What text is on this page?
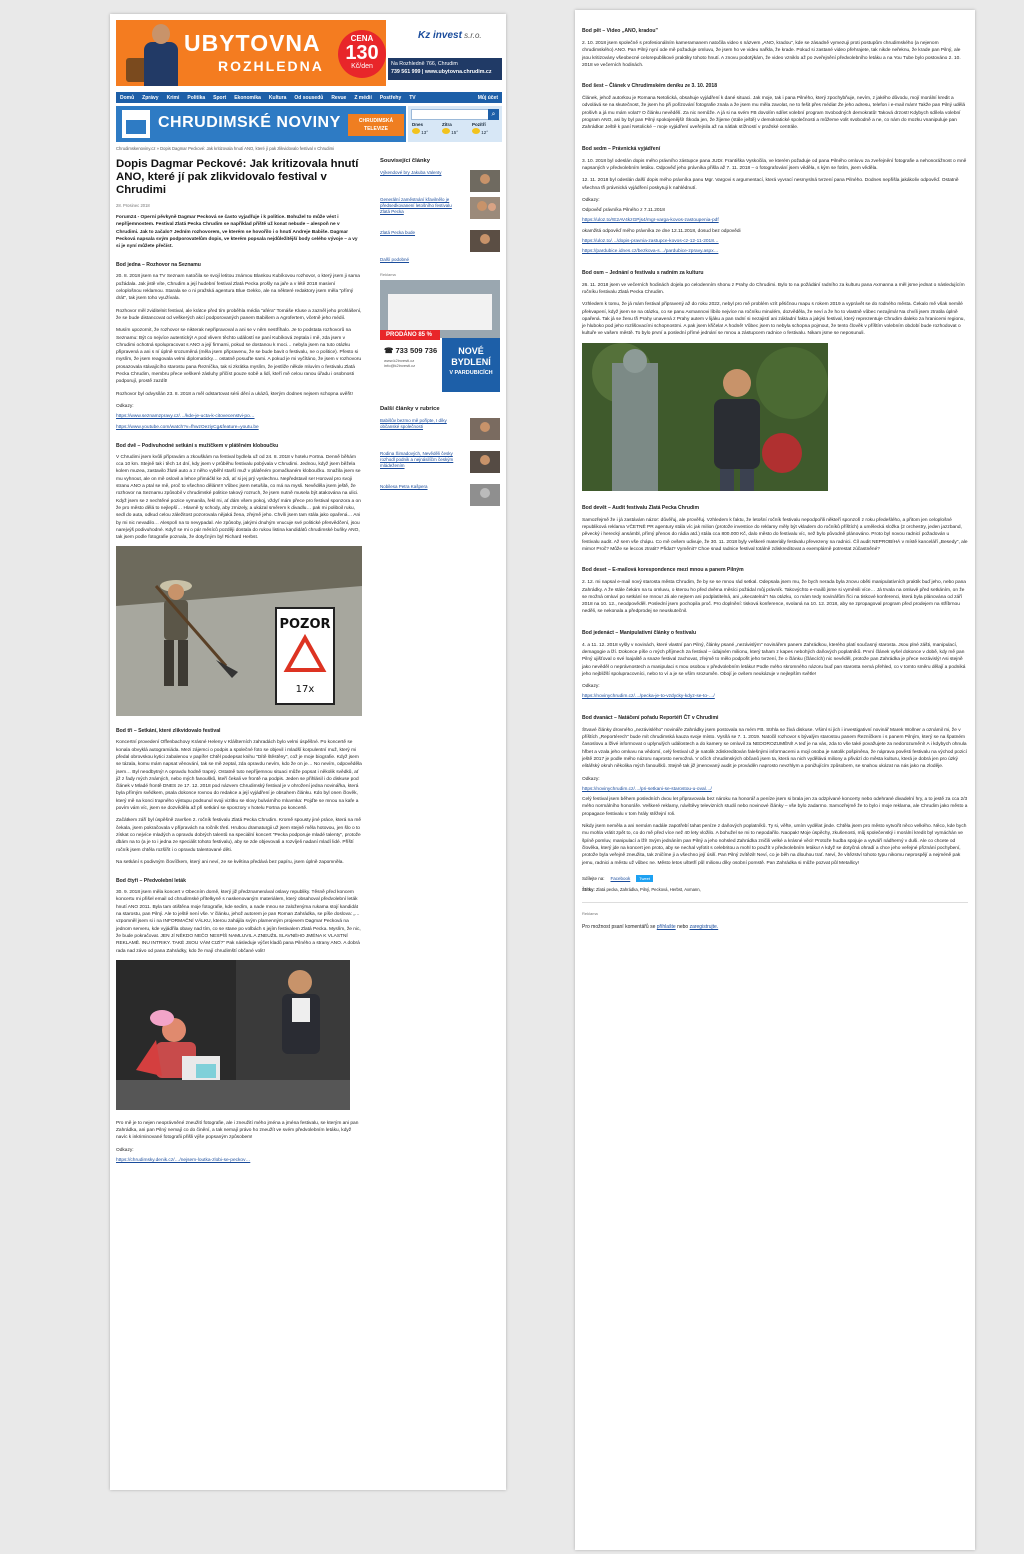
UBYTOVNA
ROZHLEDNA
CENA
130
Kč/den
Kz invest s.r.o.
Na Rozhledně 766, Chrudim
739 561 999 | www.ubytovna.chrudim.cz
Domů	Zprávy	Krimi	Politika	Sport	Ekonomika	Kultura	Od sousedů	Revue	Z médií	Postřehy	TV	Můj účet
CHRUDIMSKÉ NOVINY	CHRUDIMSKÁ TELEVIZE
⌕
Dnes
13°
Zítra
15°
Pozítří
12°
Chrudimskenoviny.cz » Dopis Dagmar Peckové: Jak kritizovala hnutí ANO, které jí pak zlikvidovalo festival v Chrudimi
Dopis Dagmar Peckové: Jak kritizovala hnutí ANO, které jí pak zlikvidovalo festival v Chrudimi
28. Prosinec 2018

Forum24 - Operní pěvkyně Dagmar Pecková se často vyjadřuje i k politice. Bohužel to může vést i nepříjemnostem. Festival Zlatá Pecka Chrudim se například příště už konat nebude – alespoň ne v Chrudimi. Jak to začalo? Jedním rozhovorem, ve kterém se hovořilo i o hnutí Andreje Babiše. Dagmar Pecková napsala svým podporovatelům dopis, ve kterém popsala nejdůležitější body celého vývoje – a vy si je nyní můžete přečíst.

Bod jedna – Rozhovor na Seznamu

20. 8. 2018 jsem na TV Seznam natočila se svojí letitou známou Blankou Kubíkovou rozhovor, o který jsem ji sama požádala. Jak jistě víte, Chrudim a její hudební festival Zlatá Pecka prošly na jaře a v létě 2018 masivní celoplošnou reklamou. Starala se o ni pražská agentura Blue Gekko, ale na některé redaktory jsem měla "přímý drát", tak jsem toho využívala.

Rozhovor měl zviditelnit festival, ale krátce před tím proběhla média "aféra" Tomáše Kluse a zazněl jeho prohlášení, že se bude distancovat od veškerých akcí podporovaných panem Babišem a Agrofertem, včetně jeho médií.

Musím upozornit, že rozhovor se nikterak nepřipravoval a ani se v něm nestříhalo. Je to podstata rozhovorů na Seznamu: Být co nejvíce autentický! A pod vlivem těchto událostí se paní Kubíková zeptala i mě, zda jsem v Chrudimi ochotná spolupracovat s ANO a její firmami, pokud se dostanou k moci… nebyla jsem na tuto otázku připravená a ani s ní úplně srozuměná (měla jsem připravenu, že se bude bavit o festivalu, ne o politice). Přesto si myslím, že jsem reagovala velmi diplomaticky… ostatně posuďte sami. A pokud je mi vyčítáno, že jsem v rozhovoru prosazovala stávajícího starostu pana Řezníčka, tak si zkrátka myslím, že jestliže někde mluvím o festivalu Zlatá Pecka Chrudim, membru přece veškeré zásluhy přičíst pouze sobě a lidí, kteří mě celou ranou úřadu i osobnosti podporují, prostě zazdít!

Rozhovor byl odvysílán 23. 8. 2018 a měl odstartovat sérii dění a ukázů, kterým dodnes nejsem schopna uvěřit!

Odkazy:

https://www.seznamzpravy.cz/…/kde-je-ucta-k-citovecenstvi-po…

https://www.youtube.com/watch?v=fhwzOeziyCg&feature=youtu.be

Bod dvě – Podivuhodné setkání s mužíčkem v plátěném kloboučku

V Chrudimi jsem kvůli přípravám a zkouškám na festival bydlela už od 24. 8. 2018 v hotelu Fortna. Denně běhám cca 10 km. Stejně tak i těch 14 dní, kdy jsem v průběhu festivalu pobývala v Chrudimi. Jednou, když jsem běžela kolem muzea, zastavilo žluté auto a z něho vyběhl starší muž v plátěném pomačkaném kloboučku. Snažila jsem se mu vyhnout, ale on mě oslovil a lehce přimáčkl ke zdi, ať si jej prý vyslechnu. Nepředstavil se! Horoval pro svoji stranu ANO a ptal se mě, proč to všechno dělám!!! Vůbec jsem netušila, co má na mysli. Nevěděla jsem ještě, že rozhovor na Seznamu způsobil v chrudimské politice takový rozruch, že jsem nutně musela být atakována na ulici. Když jsem se z nechtěné pozice vymanila, řekl mi, ať dám všem pokoj, vždyť mám přece pro festival sponzora a on že pro město dělá to nejlepší… Hlavně ty schody, aby zmizely, a ukázal směrem k divadlu… pak mi poliboil ruku, sedl do auta, odkud celou záležitost pozorovala nějaká žena, zřejmě jeho. Chvíli jsem tam stála jako opařená… Ani by mi nic nevadilo… Alespoň na to nevypadal. Ale způsoby, jakými dnuhým vnucuje své politické přesvědčení, jsou narejvýš podivuhodné. Když se mi o pár měsíců později dostala do rukou listina kandidátů chrudimské buňky ANO, tak jsem podle fotografie poznala, že dotyčným byl Richard Herbst.

POZOR
17x
Bod tři – Setkání, které zlikvidovalo festival

Koncertní provedení Offenbachovy Krásné Heleny v Klášterních zahradách bylo velmi úspěšné. Po koncertě se konala obvyklá autogramiáda. Mezi zájemci o podpis a společné foto se objevil i mladší korpulentní muž, který mi předal obrovskou kytici zabalenou v papíře! Chtěl podepsat knihu "Dítě štěstěny", což je moje biografie. Když jsem se tázala, komu mám napsat věnování, tak se mě zeptal, zda opravdu nevím, kdo že on je… No nevím, odpověděla jsem… Byl neodbytný! A opravdu hodně trapný. Ostatně tuto nepříjemnou situaci může popsat i několik svědků, ať již z řady mých známých, nebo mých fanoušků, kteří čekali ve frontě na podpis. Jeden se přihlásil i do diskuse pod článek v Mladé frontě DNES ze 17. 12. 2018 pod názvem Chrudimský festival je v ohrožení jedna novinářka, která byla přímým svědkem, psala dokonce rovnou do redakce a její vyjádření je obsahem článku. Kdo byl onen člověk, který mě na konci trapného výstupu podsunul svoji vizitku se slovy bulvárního mluvmka: Pojďte se mnou na kafe a povím vám víc, jsem se dozvěděla až při setkání se sponzory v hotelu Fortna po koncertě.

Začátkem září byl úspěšně završen 2. ročník festivalu Zlatá Pecka Chrudim. Kromě spousty jiné práce, která na mě čekala, jsem pokračovala v přípravách na ročník třetí. Hrubou dramaturgii už jsem stejně měla hotovou, jen šlo o to získat co nejvíce mladých a opravdu dobrých talentů na speciální koncert "Pecka podporuje mladé talenty", protože dbám na to (a je to i jedna ze speciálit tohoto festivalu), aby se zde objevovali a rozvíjeli nadaní mladí lidé. Příští ročník jsem chtěla rozšířit i o opravdu talentované děti.

Na setkání s podivným človíčkem, který ani neví, ze se květina předává bez papíru, jsem úplně zapomněla.

Bod čtyři – Předvolební leták

30. 9. 2018 jsem měla koncert v Obecním domě, který již předznamenával oslavy republiky. Těsně před koncem koncertu mi přišel email od chrudimské přítelkyně s naskenovaným materiálem, který obsahoval předvolební leták hnutí ANO 2011. Byla tam otištěna moje fotografie, kde sedím, a nade mnou se založenýma rukama stojí kandidát na starostu, pan Pilný. Ale to ještě není vše. V článku, jehož autorem je pan Roman Zahrádka, se píše doslova: „…vzpomněl jsem si i na INFORMAČNÍ VÁLKU, kterou zahájila svým plamenným projevem Dagmar Pecková na jednom serveru, kde vyjádřila obavy nad tím, co se stane po volbách s jejím festivalem Zlatá Pecka. Myslím, že nic, že bude pokračovat. JEN JÍ NĚKDO NEČO NESPÍŠ NAMLUVIL A ZNEUŽIL SLAVNÉHO JMÉNA K VLASTNÍ REKLAMĚ. INU INTRIKY. TAKÉ JSOU VÁM CIZÍ?" Pak následuje výčet kladů pana Pilného a strany ANO. A dobrá rada nad závo od pana Zahrádky, kdo že mají chrudimští občané volit!

Pro mě je to nejen neoprávněné zneužití fotografie, ale i zneužití mého jména a jména festivalu, se kterým ani pan Zahrádka, ani pan Pilný nemají co do činění, a tak nemají právo ho zneužít ve svém předvolebním letáku, když navíc k inkriminované fotografii přišli výše popsaným způsobem!

Odkazy:

https://chrudimsky.denik.cz/…/nejsem-loutka-zlobi-se-peckov…

Související články
Výkendové bry Jakuba Valenty
Generální zaměstnání křavilnělo je předsedkovanení letošního festivalu Zlatá Pecka
Zlatá Pecka bude
Další podobné
Reklama
PRODÁNO 85 %
☎ 733 509 736
www.k2investi.cz
info@k2investi.cz
NOVÉ BYDLENÍ
V PARDUBICÍCH
Další články v rubrice
Babišův bezmo mě pořípte, I díky občanské společnosti
Rodina Šimadových, Nevěděli česky rozhodl podnik a nejnásilíčm českým mládežením
Nobilesa Petra Kašpera
Bod pět – Video „ANO, kradou"

2. 10. 2018 jsem společně s profesionálním kameramanem natočila video s názvem „ANO, kradou", kde se zásadně vymezuji proti postupům chrudimského (a nejenom chrudimského) ANO. Pan Pilný nyní ode mě požaduje omluvu, že jsem ho ve videu nařkla, že krade. Pokud si zastané video přehrajete, tak nikde neřeknu, že krade pan Pilný, ale jsou kritizovány všeobecné celorepublikové praktiky tohoto hnutí. A znovu podotýkám, že video vzniklo až po zveřejnění předvolebního letáku a na You Tube bylo postováno 2. 10. 2018 ve večerních hodinách.

Bod šest – Článek v Chrudimském deníku ze 3. 10. 2018

Článek, jehož autorkou je Romana Netolická, obsahuje vyjádření k dané situaci. Jak moje, tak i pana Pilného, který zpochybňuje, nevím, z jakého důvodu, mojí morální kredit a odvolává se na skutečnost, že jsem ho při pořizování fotografie znala a že jsem mu měla zavolat, ne to fešit přes média! Že jeho adresu, telefon i e-mail mám! Takže pan Pilný udělá prošivh a já mu mám volat? O článku nevědělí. Za nic nemůže. A já si na svém FB dovolím sdílet volební program Svobodných demokratů! Taková drzost! Kdybych sdílela volební program ANO, asi by byl pan Pilný spokojenější! Škoda jen, že žijeme (stále ještě) v demokratické společnosti a můžeme volit svobodně a ne, co nám do mozku vnanipuluje pan Zahrádka! Ještě k paní Netolické – moje vyjádření uveřejnila až na nátlak stížností v pražské centrále.

Bod sedm – Právnická vyjádření

3. 10. 2018 byl odeslán dopis mého právního zástupce pana JUDr. Františka Vyskočila, ve kterém požaduje od pana Pilného omluvu za zveřejnění fotografie a nehonorážnost o mně napsaných v předvolebním letáku. Odpověď jeho právníka přišla až 7. 11. 2018 – o fotografování jsem věděla, s kým se fotím, jsem věděla.

12. 11. 2018 byl odeslán další dopis mého právníka panu Mgr. Vargovi s argumentací, která vyvrací nesmyslná tvrzení pana Pilného. Dodnes nepřišla jakákoliv odpověď. Ostatně všechna tři právnická vyjádření poskytuji k nahlédnutí.

Odkazy:

Odpověď právníka Pilného z 7.11.2018

https://uloz.to/!E2AV4kzGPjs4/mgr-varga-kovos-zastoupenia-pdf

okamžitá odpověď mého právníka ze dne 12.11.2018, dosud bez odpovědi

https://uloz.to/…/dopis-pravnia-zastupce-kovos-cz-12-11-2018…

https://pardubice.idnes.cz/bezkova-s…/pardubice-zpravy.aspx…

Bod osm – Jednání o festivalu s radním za kulturu

26. 11. 2018 jsem ve večerních hodinách dojela po celodenním shonu z Prahy do Chrudimi. Bylo to na požádání radního za kulturu pana Axmanna a měl jsme jednat o následujícím ročníku festivalu Zlatá Pecka Chrudim.

Vzhledem k tomu, že já mám festival připravený až do roku 2022, nebyl pro mě problém vzít pětičnou mapu s rokem 2019 a vyprávět se do rodného města. Čekalo mě však nemilé překvapení, když jsem se na otázku, co se panu Axmannovi líbilo nejvíce na ročníku minulém, dozvěděla, že neví a že ho to vlastně vůbec nezajímá! Na chvíli jsem ztratila úplně opařená. Tak já se ženu tři Prahy unavená z Prahy autem v lijáku a pan radní si nezajistí ani základní fakta a jakýsi festival, který reprezentuje Chrudim daleko za hranicemi regionu, je hluboko pod jeho rozlišovacími schopnostmi. A pak jsem křičela! A hodně! Vůbec jsem to nebyla schopna pojmout, že tento člověk v příštím volebním období bude rozhodovat o kultuře ve vašem městě. To bylo první a poslední přímé jednání se mnou a zástupcem radnice o festivalu. Nikam jsme se neposunuli.

Bod devět – Audit festivalu Zlatá Pecka Chrudim

Samozřejmě že i já zastávám názor: důvěřuj, ale prověřuj. Vzhledem k faktu, že letošní ročník festivalu nepodpořili někteří sponzoři z roku předešlého, a přitom jen celoplošné republiková reklama VČETNĚ PR agentury stála víc jak milion (protože investice do reklamy měly být vkladem do ročníků příštích) a umělecká složka (2 orchestry, jeden jazzband, pěvecký i herecký ansámbl, přímý přenos do rádia atd.) stála cca 800.000 Kč, dalo město do festivalu víc, než bylo původně plánováno. Proto byl novou radnicí požadován u festivalu audit. Až sem vše chápu. Co mě ovšem udivuje, že 30. 11. 2018 byly veškeré materiály festivalu převezeny na radnici. Číl audit NEPROBÍHÁ v místě kanceláří „Besedy", ale mimo! Proč? Může se leccos ztratit? Přidat? Vyměnit? Choe snad radnice festival totálně zdiskreditovat a exemplárně potrestat zúčastněné?

Bod deset – E-mailová korespondence mezi mnou a panem Pilným

2. 12. mi napsal e-mail nový starosta města Chrudim, že by se se mnou rád setkal. Odepsala jsem mu, že bych nerada byla znovu oběti manipulativních praktik buď jeho, nebo pana Zahrádky. A že stále čekám na tu omluvu, o kterou ho před dvěma měsíci požádal můj právník. Takovýchto e-mailů jsme si vyměnili více… Já trvala na omluvě před setkáním, on že se možná omluví po setkání se mnou! Já ale nejsem ani podplatitelná, ani „ukecatelná"! Na otázku, co mám tedy novinářům říci na tiskové konferenci, která byla plánována od září 2018 na 10. 12., neodpověděl. Poslední jsem pochopila proč. Pro doplnění: tisková konference, svolaná na 10. 12. 2018, aby se zpropagoval program před prodejem na stříbrnou neděli, se nekonala a předprodej se neuskutečnil.

Bod jedenáct – Manipulativní články o festivalu

4. a 11. 12. 2018 vyšly v novinách, které vlastní pan Pilný, články psané „nezávislým" novinářem panem Zahrádkou, kterého platí současný starosta. Jsou plné zášti, manipulací, demagogie a lží. Dokonce píše o mých příjmech za festival – údajném milionu, který taham z kapes nebohých daňových poplatníků. První článek vyšel dokonce v době, kdy mě pan Pilný ujišťoval o své loajalitě a snaze festival zachovat, zřejmě to mělo podpořit jeho tvrzení, že o článku (článcích) nic nevěděl, protože pan Zahrádka je přece nezávislý! Asi stejně jako nevěděl o neprávnostech a manipulaci s mou osobou v předvolebním letáku! Podle mého skromného názoru buď pan starosta nemá přehled, co v tomto směru dělají a podniká jeho nejbližší spolupracovníci, nebo to ví a je se vším srozuměn. Obojí je ovšem neukázuje v nejlepším světle!

Odkazy:

https://novinychrudim.cz/…/pecka-je-to-vzdycky-kdyz-se-to-…/

Bod dvanáct – Natáčení pořadu Reportéři ČT v Chrudimi

Štvavé články drovného „nezávislého" novináře Zahrádky jsem postovala na mém FB. Strhla se živá diskuse. Všiml si jich i investigativní novinář Marek Wollner a oznámil mi, že v příštích „Reportérech" bude mít chrudimská kauza svoje místo. Vysílá se 7. 1. 2019. Natočil rozhovor s bývalým starostou panem Řezníčkem i s panem Pilným, který se na špatném časoslovu a lživé informovat o uplynulých událostech a do kamery se omluvil za NEDOROZUMĚNÍ! A teď je na vás, zda to vše také považujete za nedorozumění! A i kdybych ohnula hřbet a vzala jeho omluvu na vědomí, celý festival už je natolik zdiskreditován falešnými informacemi a mojí osoba je natolik pošpiněna, že nápravа pověsti festivalu na východ pozicí ještě 2017 je podle mého názoru naprosto nemožná. V očích chrudimských občanů jsem ta, která na nich vydělává miliony a přivází do města kulturu, která je dobrá jen pro úzký elitářský okruh několika mých fanoušků. Stejně tak již jmenovaný audit je prováděn naprosto nevzhlym a ponižujícím způsobem, se snahou ukázat na nás jako na zloděje.

Odkazy:

https://novinychrudim.cz/…/pri-setkani-se-starostou-u-oval…/

Celý festival jsem během posledních dvou let připravovala bez nároku na honorář a peníze jsem si brala jen za odzpívané koncerty nebo odehrané divadelní hry, a to jestě za cca 2/3 mého normálního honoráře. Veškeré reklamy, návštěvy televizních studií nebo novinové články – vše bylo zadarmo. Samozřejmě že to bylo i moje reklama, ale Chrudim jako město a propagace festivalu v tom hrály stěžejní roli.

Nikdy jsem neměla a ani nemám nadále zapotřebí tahat peníze z daňových poplatníků. Ty si, věřte, umím vydělat jinde. Chtěla jsem pro město vytvořit něco velkého. Něco, kde bych mu mohla vrátit zpět to, co do mě před více než 40 lety vložilo. A bohužel se mi to nepodařilo. Naopak! Moje úspěchy, zkušenosti, můj společenský i morální kredit byl vymáchán ve špíně pomluv, manipulací a lží! Svým jednáním pan Pilný a jeho nohsled Zahrádka zničili velké a krásné věci! Protože hudba spojuje a vytváří nádherný v duši. Ale co chcete od člověka, který jde na koncert jen proto, aby se nechal vyfotit s celebritou a mohl to použít v předvolebním letáku! A když se dotyčná ohradí a chce jeho veřejné přiznání pochybení, protože byla veřejně zneužita, tak zničíme ji a všechno její úsilí. Pan Pilný zvítězil! Neví, co je běh na dlouhou trať. Neví, že vítězství tohoto typu nikomu neprospějí a nejméně pak jemu, radnici a městu už vůbec ne. Město letos uštetří půl milionu díky osobní pomstě. Pan Zahrádka si může pozvat půl Metallicy!

Sdílejte na: Facebook	Tweet
Štítky: Zlatá pecka, Zahrádka, Pilný, Pecková, Herbst, Axmann,
Reklama
Pro možnost psaní komentářů se přihlašte nebo zaregistrujte.
